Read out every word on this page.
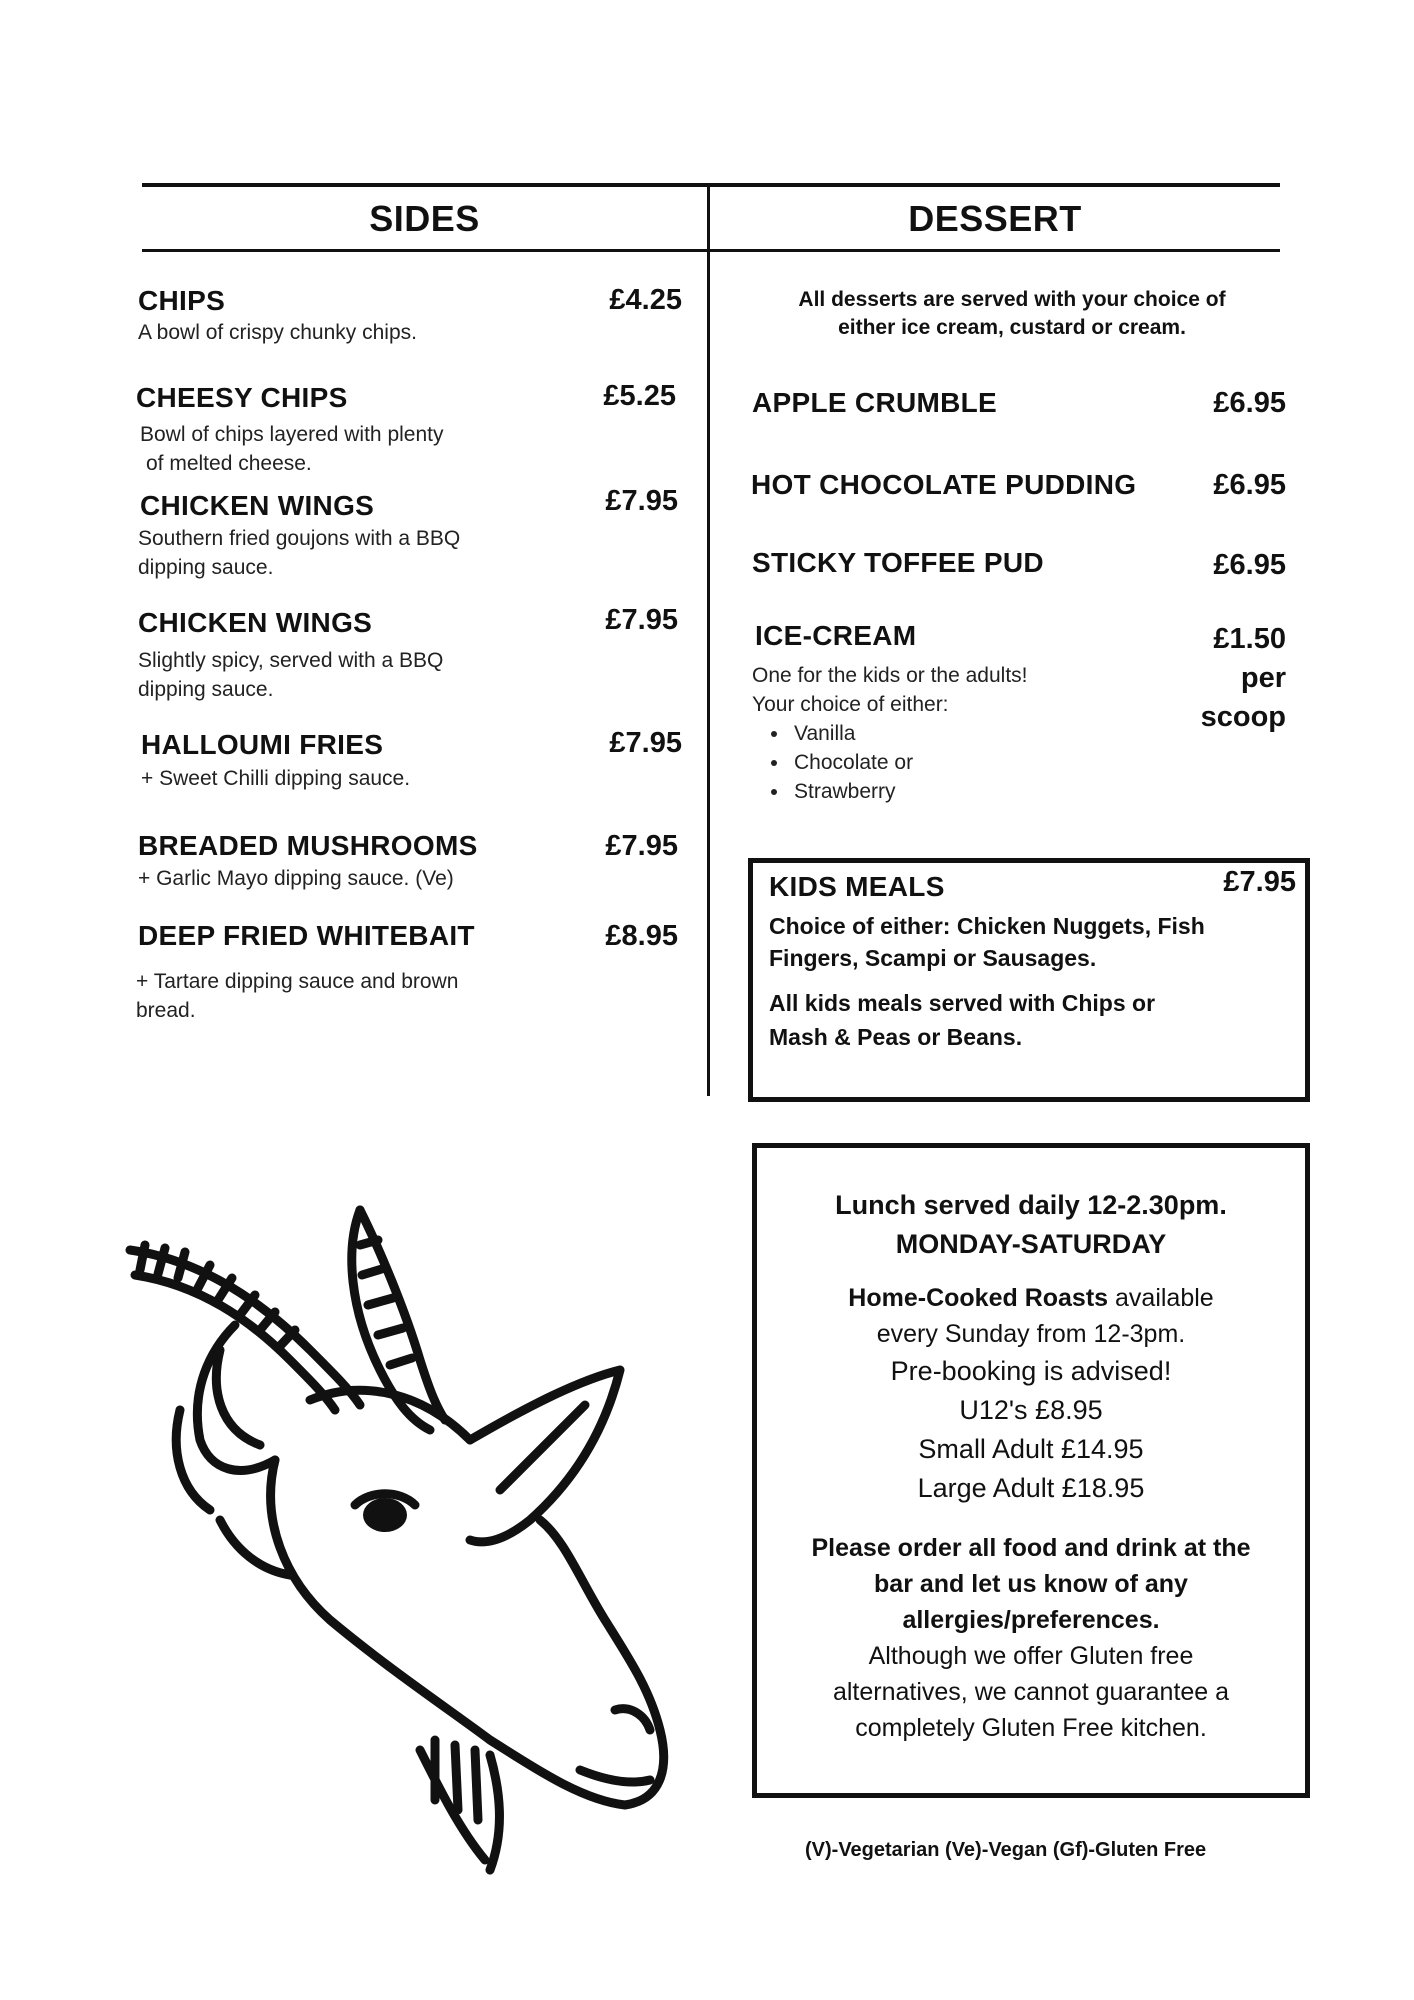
SIDES	DESSERT
CHIPS	£4.25
A bowl of crispy chunky chips.
CHEESY CHIPS	£5.25
Bowl of chips layered with plenty
of melted cheese.
CHICKEN WINGS	£7.95
Southern fried goujons with a BBQ
dipping sauce.
CHICKEN WINGS	£7.95
Slightly spicy, served with a BBQ
dipping sauce.
HALLOUMI FRIES	£7.95
+ Sweet Chilli dipping sauce.
BREADED MUSHROOMS	£7.95
+ Garlic Mayo dipping sauce. (Ve)
DEEP FRIED WHITEBAIT	£8.95
+ Tartare dipping sauce and brown
bread.
All desserts are served with your choice of
either ice cream, custard or cream.
APPLE CRUMBLE	£6.95
HOT CHOCOLATE PUDDING	£6.95
STICKY TOFFEE PUD	£6.95
ICE-CREAM	£1.50
per
scoop
One for the kids or the adults!
Your choice of either:
• Vanilla
• Chocolate or
• Strawberry
KIDS MEALS	£7.95
Choice of either: Chicken Nuggets, Fish
Fingers, Scampi or Sausages.
All kids meals served with Chips or
Mash & Peas or Beans.
Lunch served daily 12-2.30pm.
MONDAY-SATURDAY
Home-Cooked Roasts available
every Sunday from 12-3pm.
Pre-booking is advised!
U12's £8.95
Small Adult £14.95
Large Adult £18.95
Please order all food and drink at the
bar and let us know of any
allergies/preferences.
Although we offer Gluten free
alternatives, we cannot guarantee a
completely Gluten Free kitchen.
(V)-Vegetarian (Ve)-Vegan (Gf)-Gluten Free
